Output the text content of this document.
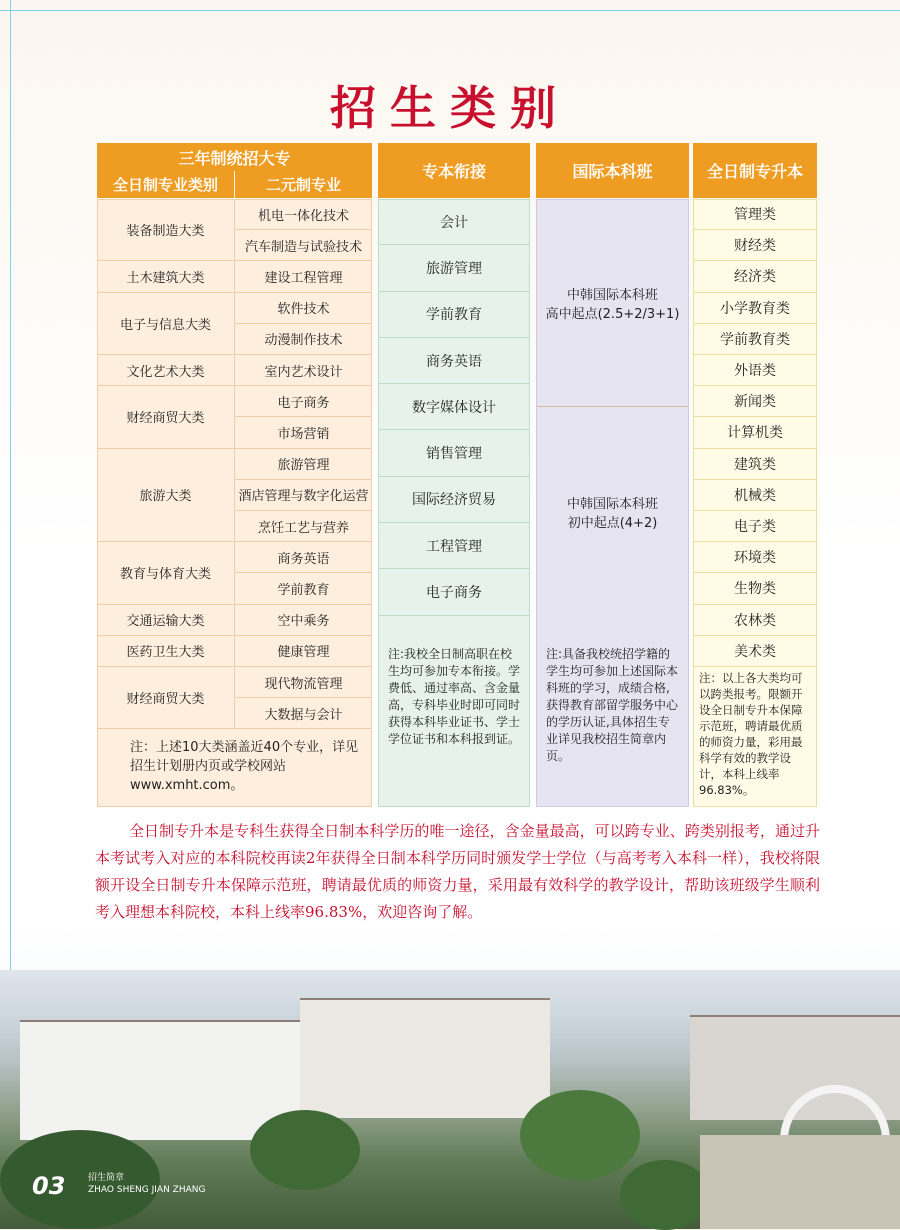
招生类别
三年制统招大专
全日制专业类别	二元制专业
装备制造大类
土木建筑大类
电子与信息大类
文化艺术大类
财经商贸大类
旅游大类
教育与体育大类
交通运输大类
医药卫生大类
财经商贸大类
机电一体化技术
汽车制造与试验技术
建设工程管理
软件技术
动漫制作技术
室内艺术设计
电子商务
市场营销
旅游管理
酒店管理与数字化运营
烹饪工艺与营养
商务英语
学前教育
空中乘务
健康管理
现代物流管理
大数据与会计
注：上述10大类涵盖近40个专业，详见招生计划册内页或学校网站www.xmht.com。
专本衔接
会计
旅游管理
学前教育
商务英语
数字媒体设计
销售管理
国际经济贸易
工程管理
电子商务
注:我校全日制高职在校生均可参加专本衔接。学费低、通过率高、含金量高，专科毕业时即可同时获得本科毕业证书、学士学位证书和本科报到证。
国际本科班
中韩国际本科班
高中起点(2.5+2/3+1)
中韩国际本科班
初中起点(4+2)
注:具备我校统招学籍的学生均可参加上述国际本科班的学习，成绩合格,获得教育部留学服务中心的学历认证,具体招生专业详见我校招生简章内页。
全日制专升本
管理类
财经类
经济类
小学教育类
学前教育类
外语类
新闻类
计算机类
建筑类
机械类
电子类
环境类
生物类
农林类
美术类
注：以上各大类均可以跨类报考。限额开设全日制专升本保障示范班，聘请最优质的师资力量，彩用最科学有效的教学设计，本科上线率96.83%。
全日制专升本是专科生获得全日制本科学历的唯一途径，含金量最高，可以跨专业、跨类别报考，通过升本考试考入对应的本科院校再读2年获得全日制本科学历同时颁发学士学位（与高考考入本科一样），我校将限额开设全日制专升本保障示范班，聘请最优质的师资力量，采用最有效科学的教学设计，帮助该班级学生顺利考入理想本科院校，本科上线率96.83%，欢迎咨询了解。
03	招生简章
ZHAO SHENG JIAN ZHANG
